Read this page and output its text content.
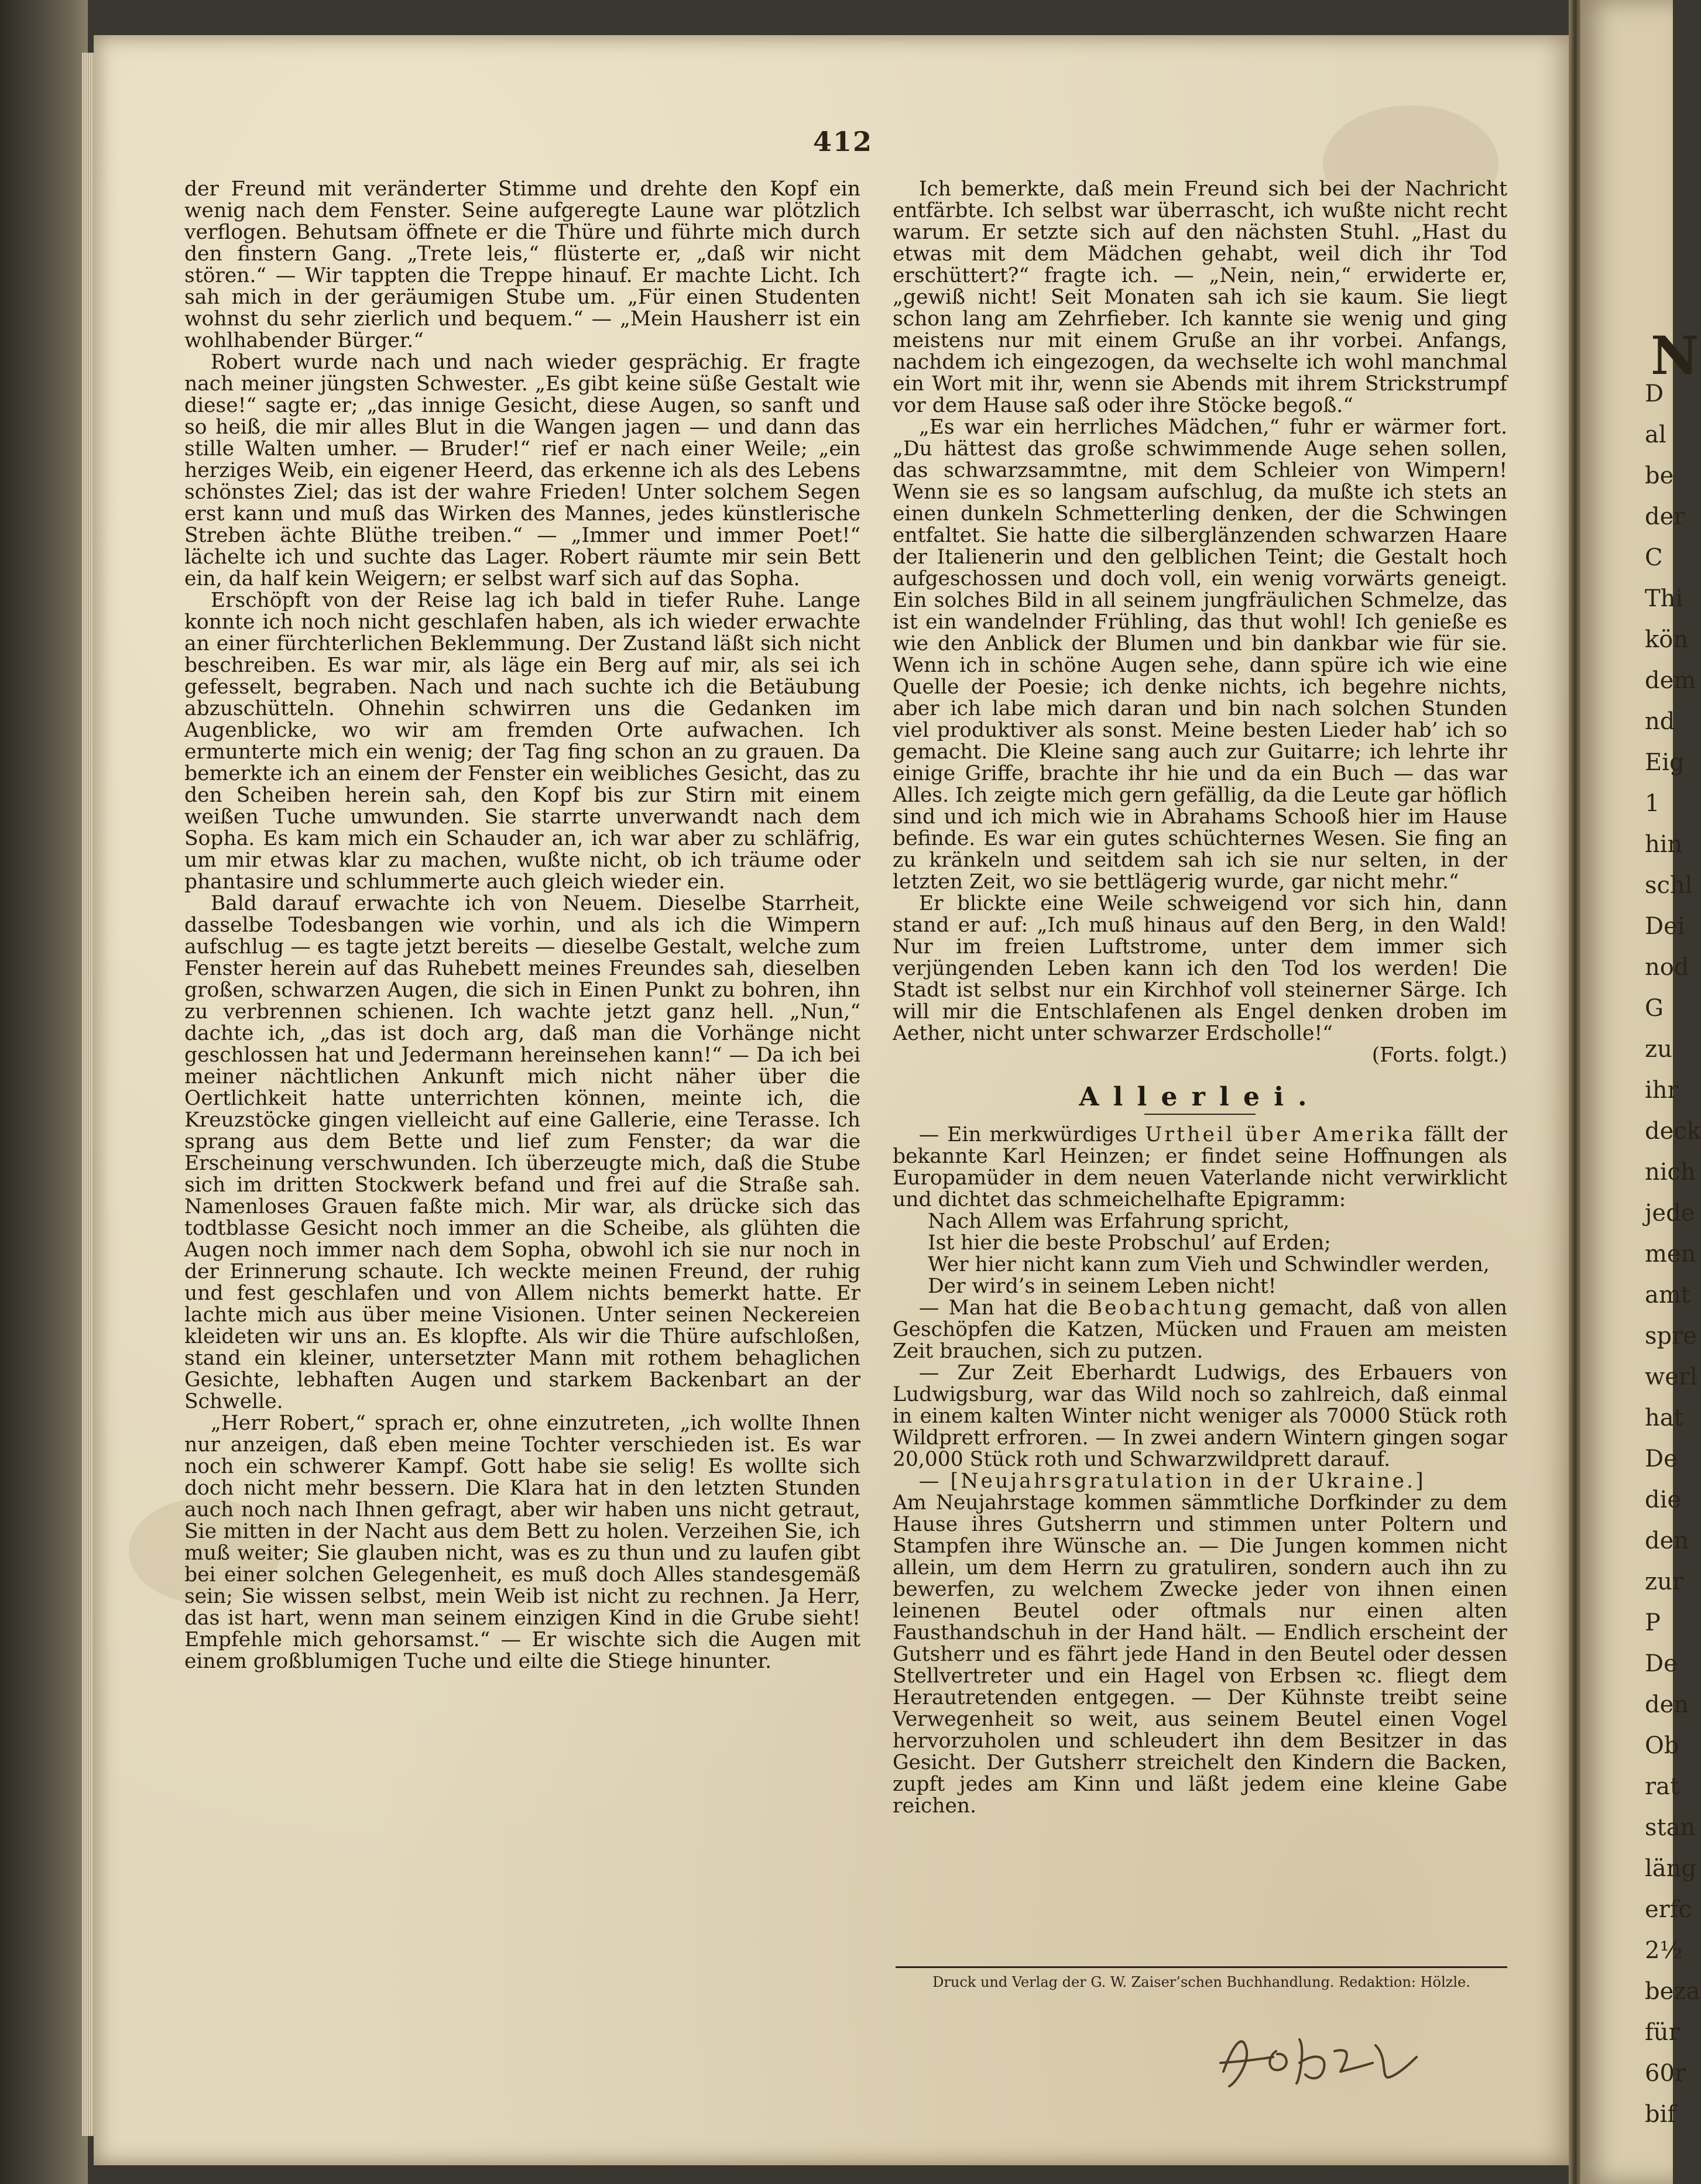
412

der Freund mit veränderter Stimme und drehte den Kopf ein wenig nach dem Fenster. Seine aufgeregte Laune war plötzlich verflogen. Behutsam öffnete er die Thüre und führte mich durch den finstern Gang. „Trete leis,“ flüsterte er, „daß wir nicht stören.“ — Wir tappten die Treppe hinauf. Er machte Licht. Ich sah mich in der geräumigen Stube um. „Für einen Studenten wohnst du sehr zierlich und bequem.“ — „Mein Hausherr ist ein wohlhabender Bürger.“

Robert wurde nach und nach wieder gesprächig. Er fragte nach meiner jüngsten Schwester. „Es gibt keine süße Gestalt wie diese!“ sagte er; „das innige Gesicht, diese Augen, so sanft und so heiß, die mir alles Blut in die Wangen jagen — und dann das stille Walten umher. — Bruder!“ rief er nach einer Weile; „ein herziges Weib, ein eigener Heerd, das erkenne ich als des Lebens schönstes Ziel; das ist der wahre Frieden! Unter solchem Segen erst kann und muß das Wirken des Mannes, jedes künstlerische Streben ächte Blüthe treiben.“ — „Immer und immer Poet!“ lächelte ich und suchte das Lager. Robert räumte mir sein Bett ein, da half kein Weigern; er selbst warf sich auf das Sopha.

Erschöpft von der Reise lag ich bald in tiefer Ruhe. Lange konnte ich noch nicht geschlafen haben, als ich wieder erwachte an einer fürchterlichen Beklemmung. Der Zustand läßt sich nicht beschreiben. Es war mir, als läge ein Berg auf mir, als sei ich gefesselt, begraben. Nach und nach suchte ich die Betäubung abzuschütteln. Ohnehin schwirren uns die Gedanken im Augenblicke, wo wir am fremden Orte aufwachen. Ich ermunterte mich ein wenig; der Tag fing schon an zu grauen. Da bemerkte ich an einem der Fenster ein weibliches Gesicht, das zu den Scheiben herein sah, den Kopf bis zur Stirn mit einem weißen Tuche umwunden. Sie starrte unverwandt nach dem Sopha. Es kam mich ein Schauder an, ich war aber zu schläfrig, um mir etwas klar zu machen, wußte nicht, ob ich träume oder phantasire und schlummerte auch gleich wieder ein.

Bald darauf erwachte ich von Neuem. Dieselbe Starrheit, dasselbe Todesbangen wie vorhin, und als ich die Wimpern aufschlug — es tagte jetzt bereits — dieselbe Gestalt, welche zum Fenster herein auf das Ruhebett meines Freundes sah, dieselben großen, schwarzen Augen, die sich in Einen Punkt zu bohren, ihn zu verbrennen schienen. Ich wachte jetzt ganz hell. „Nun,“ dachte ich, „das ist doch arg, daß man die Vorhänge nicht geschlossen hat und Jedermann hereinsehen kann!“ — Da ich bei meiner nächtlichen Ankunft mich nicht näher über die Oertlichkeit hatte unterrichten können, meinte ich, die Kreuzstöcke gingen vielleicht auf eine Gallerie, eine Terasse. Ich sprang aus dem Bette und lief zum Fenster; da war die Erscheinung verschwunden. Ich überzeugte mich, daß die Stube sich im dritten Stockwerk befand und frei auf die Straße sah. Namenloses Grauen faßte mich. Mir war, als drücke sich das todtblasse Gesicht noch immer an die Scheibe, als glühten die Augen noch immer nach dem Sopha, obwohl ich sie nur noch in der Erinnerung schaute. Ich weckte meinen Freund, der ruhig und fest geschlafen und von Allem nichts bemerkt hatte. Er lachte mich aus über meine Visionen. Unter seinen Neckereien kleideten wir uns an. Es klopfte. Als wir die Thüre aufschloßen, stand ein kleiner, untersetzter Mann mit rothem behaglichen Gesichte, lebhaften Augen und starkem Backenbart an der Schwelle.

„Herr Robert,“ sprach er, ohne einzutreten, „ich wollte Ihnen nur anzeigen, daß eben meine Tochter verschieden ist. Es war noch ein schwerer Kampf. Gott habe sie selig! Es wollte sich doch nicht mehr bessern. Die Klara hat in den letzten Stunden auch noch nach Ihnen gefragt, aber wir haben uns nicht getraut, Sie mitten in der Nacht aus dem Bett zu holen. Verzeihen Sie, ich muß weiter; Sie glauben nicht, was es zu thun und zu laufen gibt bei einer solchen Gelegenheit, es muß doch Alles standesgemäß sein; Sie wissen selbst, mein Weib ist nicht zu rechnen. Ja Herr, das ist hart, wenn man seinem einzigen Kind in die Grube sieht! Empfehle mich gehorsamst.“ — Er wischte sich die Augen mit einem großblumigen Tuche und eilte die Stiege hinunter.

Ich bemerkte, daß mein Freund sich bei der Nachricht entfärbte. Ich selbst war überrascht, ich wußte nicht recht warum. Er setzte sich auf den nächsten Stuhl. „Hast du etwas mit dem Mädchen gehabt, weil dich ihr Tod erschüttert?“ fragte ich. — „Nein, nein,“ erwiderte er, „gewiß nicht! Seit Monaten sah ich sie kaum. Sie liegt schon lang am Zehrfieber. Ich kannte sie wenig und ging meistens nur mit einem Gruße an ihr vorbei. Anfangs, nachdem ich eingezogen, da wechselte ich wohl manchmal ein Wort mit ihr, wenn sie Abends mit ihrem Strickstrumpf vor dem Hause saß oder ihre Stöcke begoß.“

„Es war ein herrliches Mädchen,“ fuhr er wärmer fort. „Du hättest das große schwimmende Auge sehen sollen, das schwarzsammtne, mit dem Schleier von Wimpern! Wenn sie es so langsam aufschlug, da mußte ich stets an einen dunkeln Schmetterling denken, der die Schwingen entfaltet. Sie hatte die silberglänzenden schwarzen Haare der Italienerin und den gelblichen Teint; die Gestalt hoch aufgeschossen und doch voll, ein wenig vorwärts geneigt. Ein solches Bild in all seinem jungfräulichen Schmelze, das ist ein wandelnder Frühling, das thut wohl! Ich genieße es wie den Anblick der Blumen und bin dankbar wie für sie. Wenn ich in schöne Augen sehe, dann spüre ich wie eine Quelle der Poesie; ich denke nichts, ich begehre nichts, aber ich labe mich daran und bin nach solchen Stunden viel produktiver als sonst. Meine besten Lieder hab’ ich so gemacht. Die Kleine sang auch zur Guitarre; ich lehrte ihr einige Griffe, brachte ihr hie und da ein Buch — das war Alles. Ich zeigte mich gern gefällig, da die Leute gar höflich sind und ich mich wie in Abrahams Schooß hier im Hause befinde. Es war ein gutes schüchternes Wesen. Sie fing an zu kränkeln und seitdem sah ich sie nur selten, in der letzten Zeit, wo sie bettlägerig wurde, gar nicht mehr.“

Er blickte eine Weile schweigend vor sich hin, dann stand er auf: „Ich muß hinaus auf den Berg, in den Wald! Nur im freien Luftstrome, unter dem immer sich verjüngenden Leben kann ich den Tod los werden! Die Stadt ist selbst nur ein Kirchhof voll steinerner Särge. Ich will mir die Entschlafenen als Engel denken droben im Aether, nicht unter schwarzer Erdscholle!“

(Forts. folgt.)
Allerlei.

— Ein merkwürdiges Urtheil über Amerika fällt der bekannte Karl Heinzen; er findet seine Hoffnungen als Europamüder in dem neuen Vaterlande nicht verwirklicht und dichtet das schmeichelhafte Epigramm:

Nach Allem was Erfahrung spricht,
Ist hier die beste Probschul’ auf Erden;
Wer hier nicht kann zum Vieh und Schwindler werden,
Der wird’s in seinem Leben nicht!

— Man hat die Beobachtung gemacht, daß von allen Geschöpfen die Katzen, Mücken und Frauen am meisten Zeit brauchen, sich zu putzen.

— Zur Zeit Eberhardt Ludwigs, des Erbauers von Ludwigsburg, war das Wild noch so zahlreich, daß einmal in einem kalten Winter nicht weniger als 70000 Stück roth Wildprett erfroren. — In zwei andern Wintern gingen sogar 20,000 Stück roth und Schwarzwildprett darauf.

— [Neujahrsgratulation in der Ukraine.]

Am Neujahrstage kommen sämmtliche Dorfkinder zu dem Hause ihres Gutsherrn und stimmen unter Poltern und Stampfen ihre Wünsche an. — Die Jungen kommen nicht allein, um dem Herrn zu gratuliren, sondern auch ihn zu bewerfen, zu welchem Zwecke jeder von ihnen einen leinenen Beutel oder oftmals nur einen alten Fausthandschuh in der Hand hält. — Endlich erscheint der Gutsherr und es fährt jede Hand in den Beutel oder dessen Stellvertreter und ein Hagel von Erbsen ꝛc. fliegt dem Herautretenden entgegen. — Der Kühnste treibt seine Verwegenheit so weit, aus seinem Beutel einen Vogel hervorzuholen und schleudert ihn dem Besitzer in das Gesicht. Der Gutsherr streichelt den Kindern die Backen, zupft jedes am Kinn und läßt jedem eine kleine Gabe reichen.

Druck und Verlag der G. W. Zaiser’schen Buchhandlung. Redaktion: Hölzle.
N
D
al
be
der
C
Thi
kön
dem
nd
Eig
1
hin
schl
Dei
nod
G
zu
ihr
deck
nich
jede
men
amt
spre
werl
hat
De
die
den
zur
P
De
den
Ob
rat
stan
läng
erfc
2½
beza
für
60r
bif
